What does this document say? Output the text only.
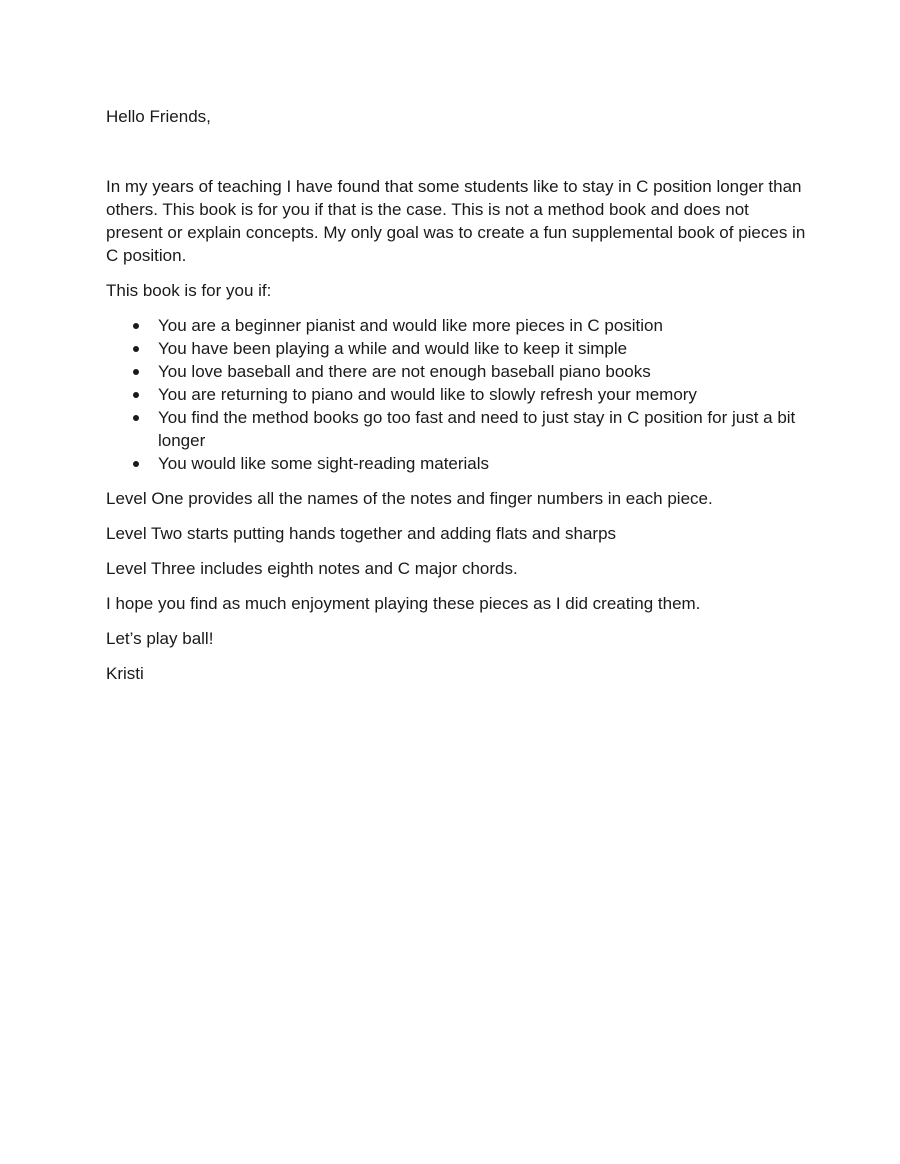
Hello Friends,

In my years of teaching I have found that some students like to stay in C position longer than others. This book is for you if that is the case. This is not a method book and does not present or explain concepts. My only goal was to create a fun supplemental book of pieces in C position.

This book is for you if:

You are a beginner pianist and would like more pieces in C position
You have been playing a while and would like to keep it simple
You love baseball and there are not enough baseball piano books
You are returning to piano and would like to slowly refresh your memory
You find the method books go too fast and need to just stay in C position for just a bit longer
You would like some sight-reading materials

Level One provides all the names of the notes and finger numbers in each piece.

Level Two starts putting hands together and adding flats and sharps

Level Three includes eighth notes and C major chords.

I hope you find as much enjoyment playing these pieces as I did creating them.

Let’s play ball!

Kristi
